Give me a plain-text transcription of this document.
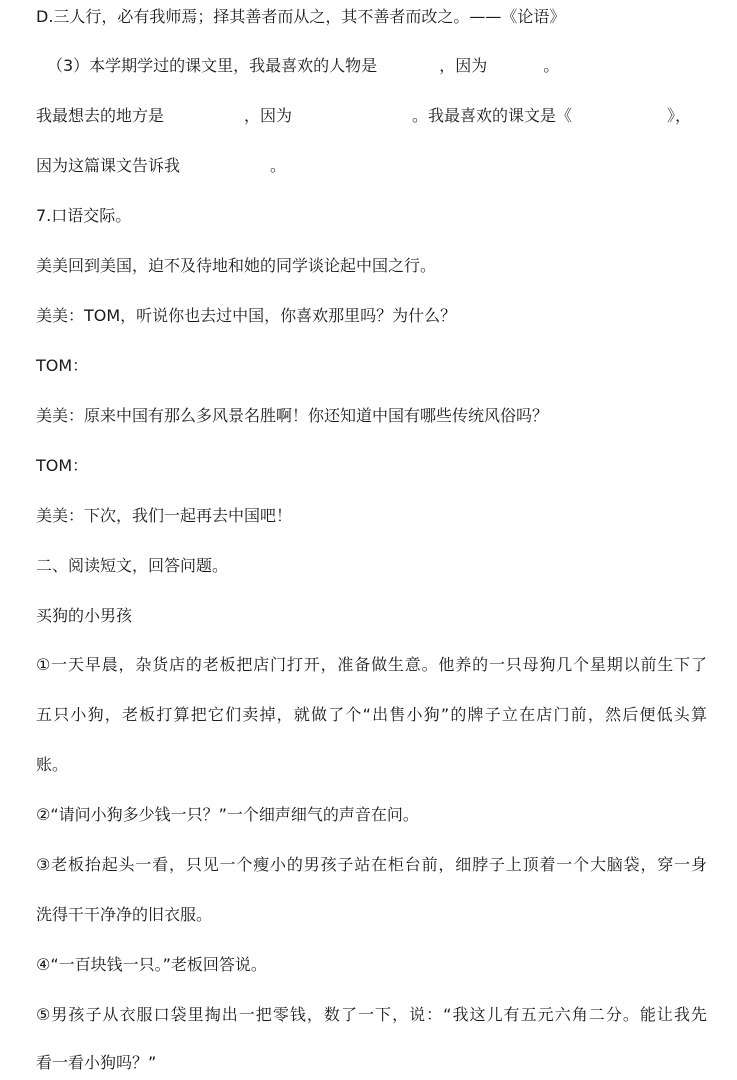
D.三人行，必有我师焉；择其善者而从之，其不善者而改之。——《论语》
（3）本学期学过的课文里，我最喜欢的人物是	，因为	。
我最想去的地方是	，因为	。我最喜欢的课文是《	》，
因为这篇课文告诉我	。
7.口语交际。
美美回到美国，迫不及待地和她的同学谈论起中国之行。
美美：TOM，听说你也去过中国，你喜欢那里吗？为什么？
TOM：
美美：原来中国有那么多风景名胜啊！你还知道中国有哪些传统风俗吗？
TOM：
美美：下次，我们一起再去中国吧！
二、阅读短文，回答问题。
买狗的小男孩
①一天早晨，杂货店的老板把店门打开，准备做生意。他养的一只母狗几个星期以前生下了
五只小狗，老板打算把它们卖掉，就做了个“出售小狗”的牌子立在店门前，然后便低头算
账。
②“请问小狗多少钱一只？”一个细声细气的声音在问。
③老板抬起头一看，只见一个瘦小的男孩子站在柜台前，细脖子上顶着一个大脑袋，穿一身
洗得干干净净的旧衣服。
④“一百块钱一只。”老板回答说。
⑤男孩子从衣服口袋里掏出一把零钱，数了一下，说：“我这儿有五元六角二分。能让我先
看一看小狗吗？”
